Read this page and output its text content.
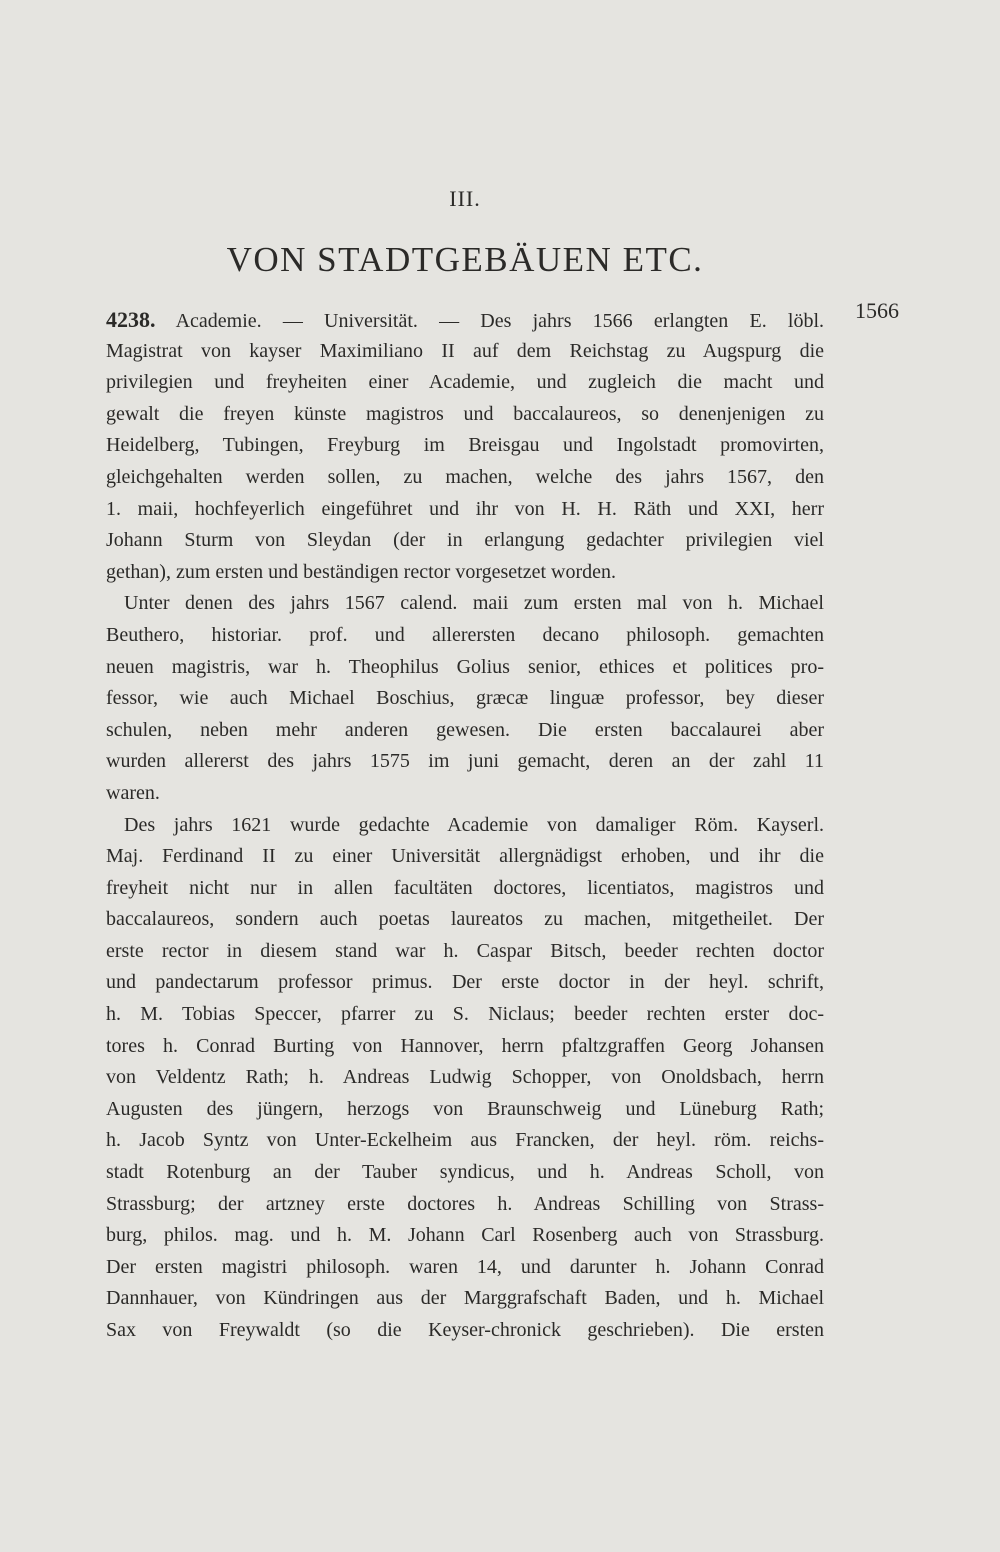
III.
VON STADTGEBÄUEN ETC.
1566
4238. Academie. — Universität. — Des jahrs 1566 erlangten E. löbl.
Magistrat von kayser Maximiliano II auf dem Reichstag zu Augspurg die
privilegien und freyheiten einer Academie, und zugleich die macht und
gewalt die freyen künste magistros und baccalaureos, so denenjenigen zu
Heidelberg, Tubingen, Freyburg im Breisgau und Ingolstadt promovirten,
gleichgehalten werden sollen, zu machen, welche des jahrs 1567, den
1. maii, hochfeyerlich eingeführet und ihr von H. H. Räth und XXI, herr
Johann Sturm von Sleydan (der in erlangung gedachter privilegien viel
gethan), zum ersten und beständigen rector vorgesetzet worden.
Unter denen des jahrs 1567 calend. maii zum ersten mal von h. Michael
Beuthero, historiar. prof. und allerersten decano philosoph. gemachten
neuen magistris, war h. Theophilus Golius senior, ethices et politices pro-
fessor, wie auch Michael Boschius, græcæ linguæ professor, bey dieser
schulen, neben mehr anderen gewesen. Die ersten baccalaurei aber
wurden allererst des jahrs 1575 im juni gemacht, deren an der zahl 11
waren.
Des jahrs 1621 wurde gedachte Academie von damaliger Röm. Kayserl.
Maj. Ferdinand II zu einer Universität allergnädigst erhoben, und ihr die
freyheit nicht nur in allen facultäten doctores, licentiatos, magistros und
baccalaureos, sondern auch poetas laureatos zu machen, mitgetheilet. Der
erste rector in diesem stand war h. Caspar Bitsch, beeder rechten doctor
und pandectarum professor primus. Der erste doctor in der heyl. schrift,
h. M. Tobias Speccer, pfarrer zu S. Niclaus; beeder rechten erster doc-
tores h. Conrad Burting von Hannover, herrn pfaltzgraffen Georg Johansen
von Veldentz Rath; h. Andreas Ludwig Schopper, von Onoldsbach, herrn
Augusten des jüngern, herzogs von Braunschweig und Lüneburg Rath;
h. Jacob Syntz von Unter-Eckelheim aus Francken, der heyl. röm. reichs-
stadt Rotenburg an der Tauber syndicus, und h. Andreas Scholl, von
Strassburg; der artzney erste doctores h. Andreas Schilling von Strass-
burg, philos. mag. und h. M. Johann Carl Rosenberg auch von Strassburg.
Der ersten magistri philosoph. waren 14, und darunter h. Johann Conrad
Dannhauer, von Kündringen aus der Marggrafschaft Baden, und h. Michael
Sax von Freywaldt (so die Keyser-chronick geschrieben). Die ersten
